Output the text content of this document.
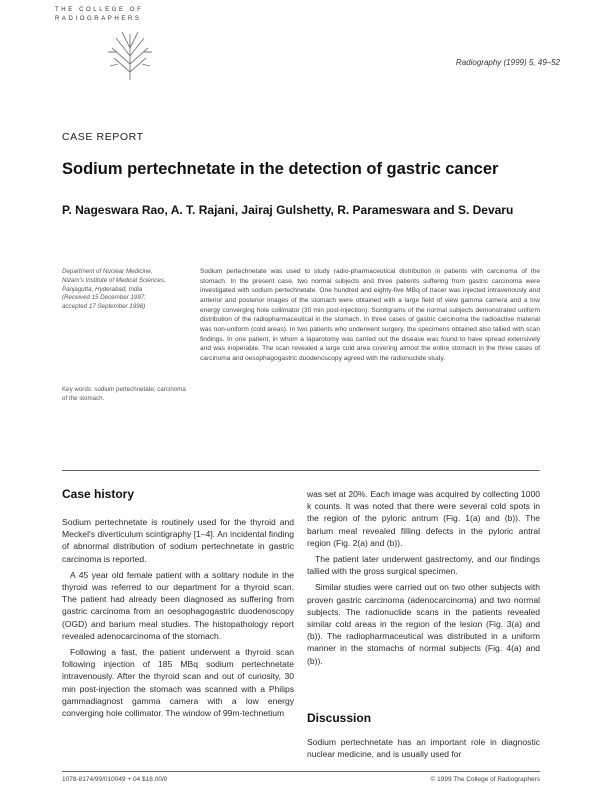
THE COLLEGE OF
RADIOGRAPHERS
Radiography (1999) 5, 49–52
CASE REPORT
Sodium pertechnetate in the detection of gastric cancer
P. Nageswara Rao, A. T. Rajani, Jairaj Gulshetty, R. Parameswara and S. Devaru
Department of Nuclear Medicine,
Nizam's Institute of Medical Sciences,
Panjagutta, Hyderabad, India
(Received 15 December 1997;
accepted 17 September 1998)
Key words: sodium pertechnetate; carcinoma of the stomach.
Sodium pertechnetate was used to study radio-pharmaceutical distribution in patients with carcinoma of the stomach. In the present case, two normal subjects and three patients suffering from gastric carcinoma were investigated with sodium pertechnetate. One hundred and eighty-five MBq of tracer was injected intravenously and anterior and posterior images of the stomach were obtained with a large field of view gamma camera and a low energy converging hole collimator (30 min post-injection). Scintigrams of the normal subjects demonstrated uniform distribution of the radiopharmaceutical in the stomach. In three cases of gastric carcinoma the radioactive material was non-uniform (cold areas). In two patients who underwent surgery, the specimens obtained also tallied with scan findings. In one patient, in whom a laparotomy was carried out the disease was found to have spread extensively and was inoperable. The scan revealed a large cold area covering almost the entire stomach in the three cases of carcinoma and oesophagogastric duodenoscopy agreed with the radionuclide study.
Case history

Sodium pertechnetate is routinely used for the thyroid and Meckel's diverticulum scintigraphy [1–4]. An incidental finding of abnormal distribution of sodium pertechnetate in gastric carcinoma is reported.

A 45 year old female patient with a solitary nodule in the thyroid was referred to our department for a thyroid scan. The patient had already been diagnosed as suffering from gastric carcinoma from an oesophagogastric duodenoscopy (OGD) and barium meal studies. The histopathology report revealed adenocarcinoma of the stomach.

Following a fast, the patient underwent a thyroid scan following injection of 185 MBq sodium pertechnetate intravenously. After the thyroid scan and out of curiosity, 30 min post-injection the stomach was scanned with a Philips gammadiagnost gamma camera with a low energy converging hole collimator. The window of 99m-technetium

was set at 20%. Each image was acquired by collecting 1000 k counts. It was noted that there were several cold spots in the region of the pyloric antrum (Fig. 1(a) and (b)). The barium meal revealed filling defects in the pyloric antral region (Fig. 2(a) and (b)).

The patient later underwent gastrectomy, and our findings tallied with the gross surgical specimen.

Similar studies were carried out on two other subjects with proven gastric carcinoma (adenocarcinoma) and two normal subjects. The radionuclide scans in the patients revealed similar cold areas in the region of the lesion (Fig. 3(a) and (b)). The radiopharmaceutical was distributed in a uniform manner in the stomachs of normal subjects (Fig. 4(a) and (b)).

Discussion

Sodium pertechnetate has an important role in diagnostic nuclear medicine, and is usually used for

1078-8174/99/010049 + 04 $18.00/0	© 1999 The College of Radiographers
